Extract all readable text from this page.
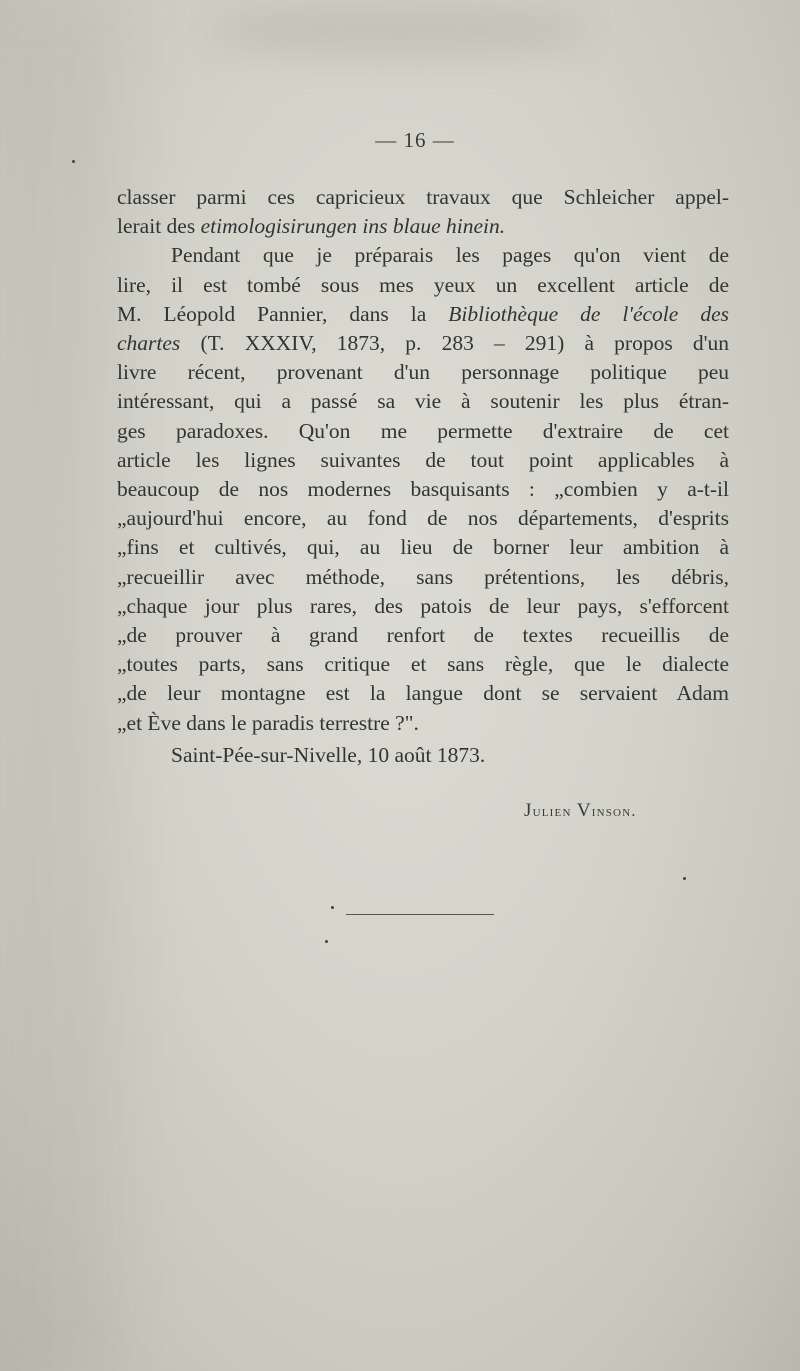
— 16 —
classer parmi ces capricieux travaux que Schleicher appel-
lerait des etimologisirungen ins blaue hinein.
Pendant que je préparais les pages qu'on vient de
lire, il est tombé sous mes yeux un excellent article de
M. Léopold Pannier, dans la Bibliothèque de l'école des
chartes (T. XXXIV, 1873, p. 283 – 291) à propos d'un
livre récent, provenant d'un personnage politique peu
intéressant, qui a passé sa vie à soutenir les plus étran-
ges paradoxes. Qu'on me permette d'extraire de cet
article les lignes suivantes de tout point applicables à
beaucoup de nos modernes basquisants : „combien y a-t-il
„aujourd'hui encore, au fond de nos départements, d'esprits
„fins et cultivés, qui, au lieu de borner leur ambition à
„recueillir avec méthode, sans prétentions, les débris,
„chaque jour plus rares, des patois de leur pays, s'efforcent
„de prouver à grand renfort de textes recueillis de
„toutes parts, sans critique et sans règle, que le dialecte
„de leur montagne est la langue dont se servaient Adam
„et Ève dans le paradis terrestre ?".
Saint-Pée-sur-Nivelle, 10 août 1873.
Julien Vinson.
